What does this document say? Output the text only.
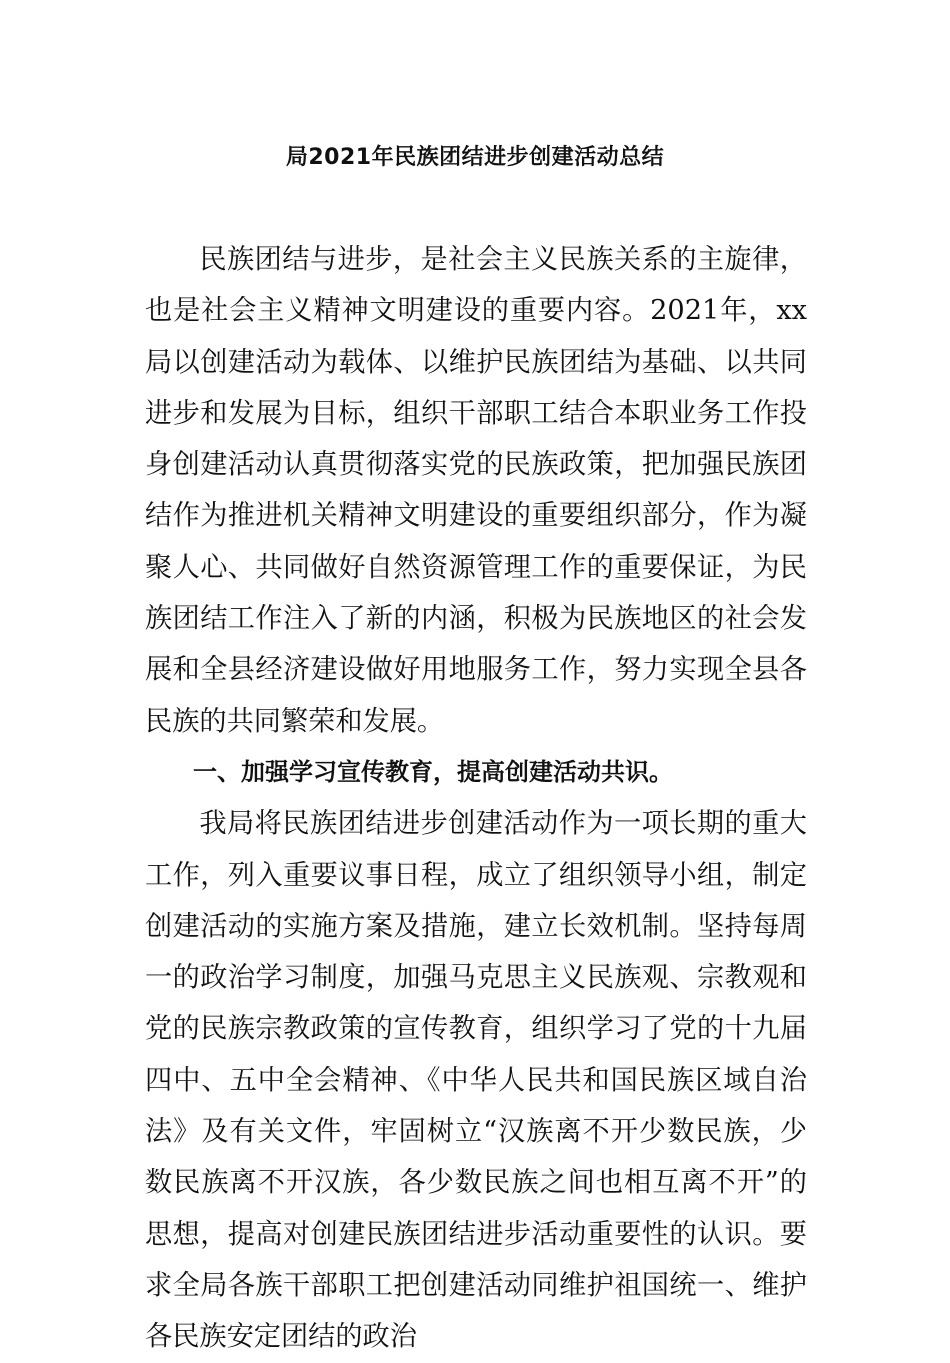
局2021年民族团结进步创建活动总结

民族团结与进步，是社会主义民族关系的主旋律，也是社会主义精神文明建设的重要内容。2021年，xx局以创建活动为载体、以维护民族团结为基础、以共同进步和发展为目标，组织干部职工结合本职业务工作投身创建活动认真贯彻落实党的民族政策，把加强民族团结作为推进机关精神文明建设的重要组织部分，作为凝聚人心、共同做好自然资源管理工作的重要保证，为民族团结工作注入了新的内涵，积极为民族地区的社会发展和全县经济建设做好用地服务工作，努力实现全县各民族的共同繁荣和发展。

一、加强学习宣传教育，提高创建活动共识。

我局将民族团结进步创建活动作为一项长期的重大工作，列入重要议事日程，成立了组织领导小组，制定创建活动的实施方案及措施，建立长效机制。坚持每周一的政治学习制度，加强马克思主义民族观、宗教观和党的民族宗教政策的宣传教育，组织学习了党的十九届四中、五中全会精神、《中华人民共和国民族区域自治法》及有关文件，牢固树立“汉族离不开少数民族，少数民族离不开汉族，各少数民族之间也相互离不开”的思想，提高对创建民族团结进步活动重要性的认识。要求全局各族干部职工把创建活动同维护祖国统一、维护各民族安定团结的政治
